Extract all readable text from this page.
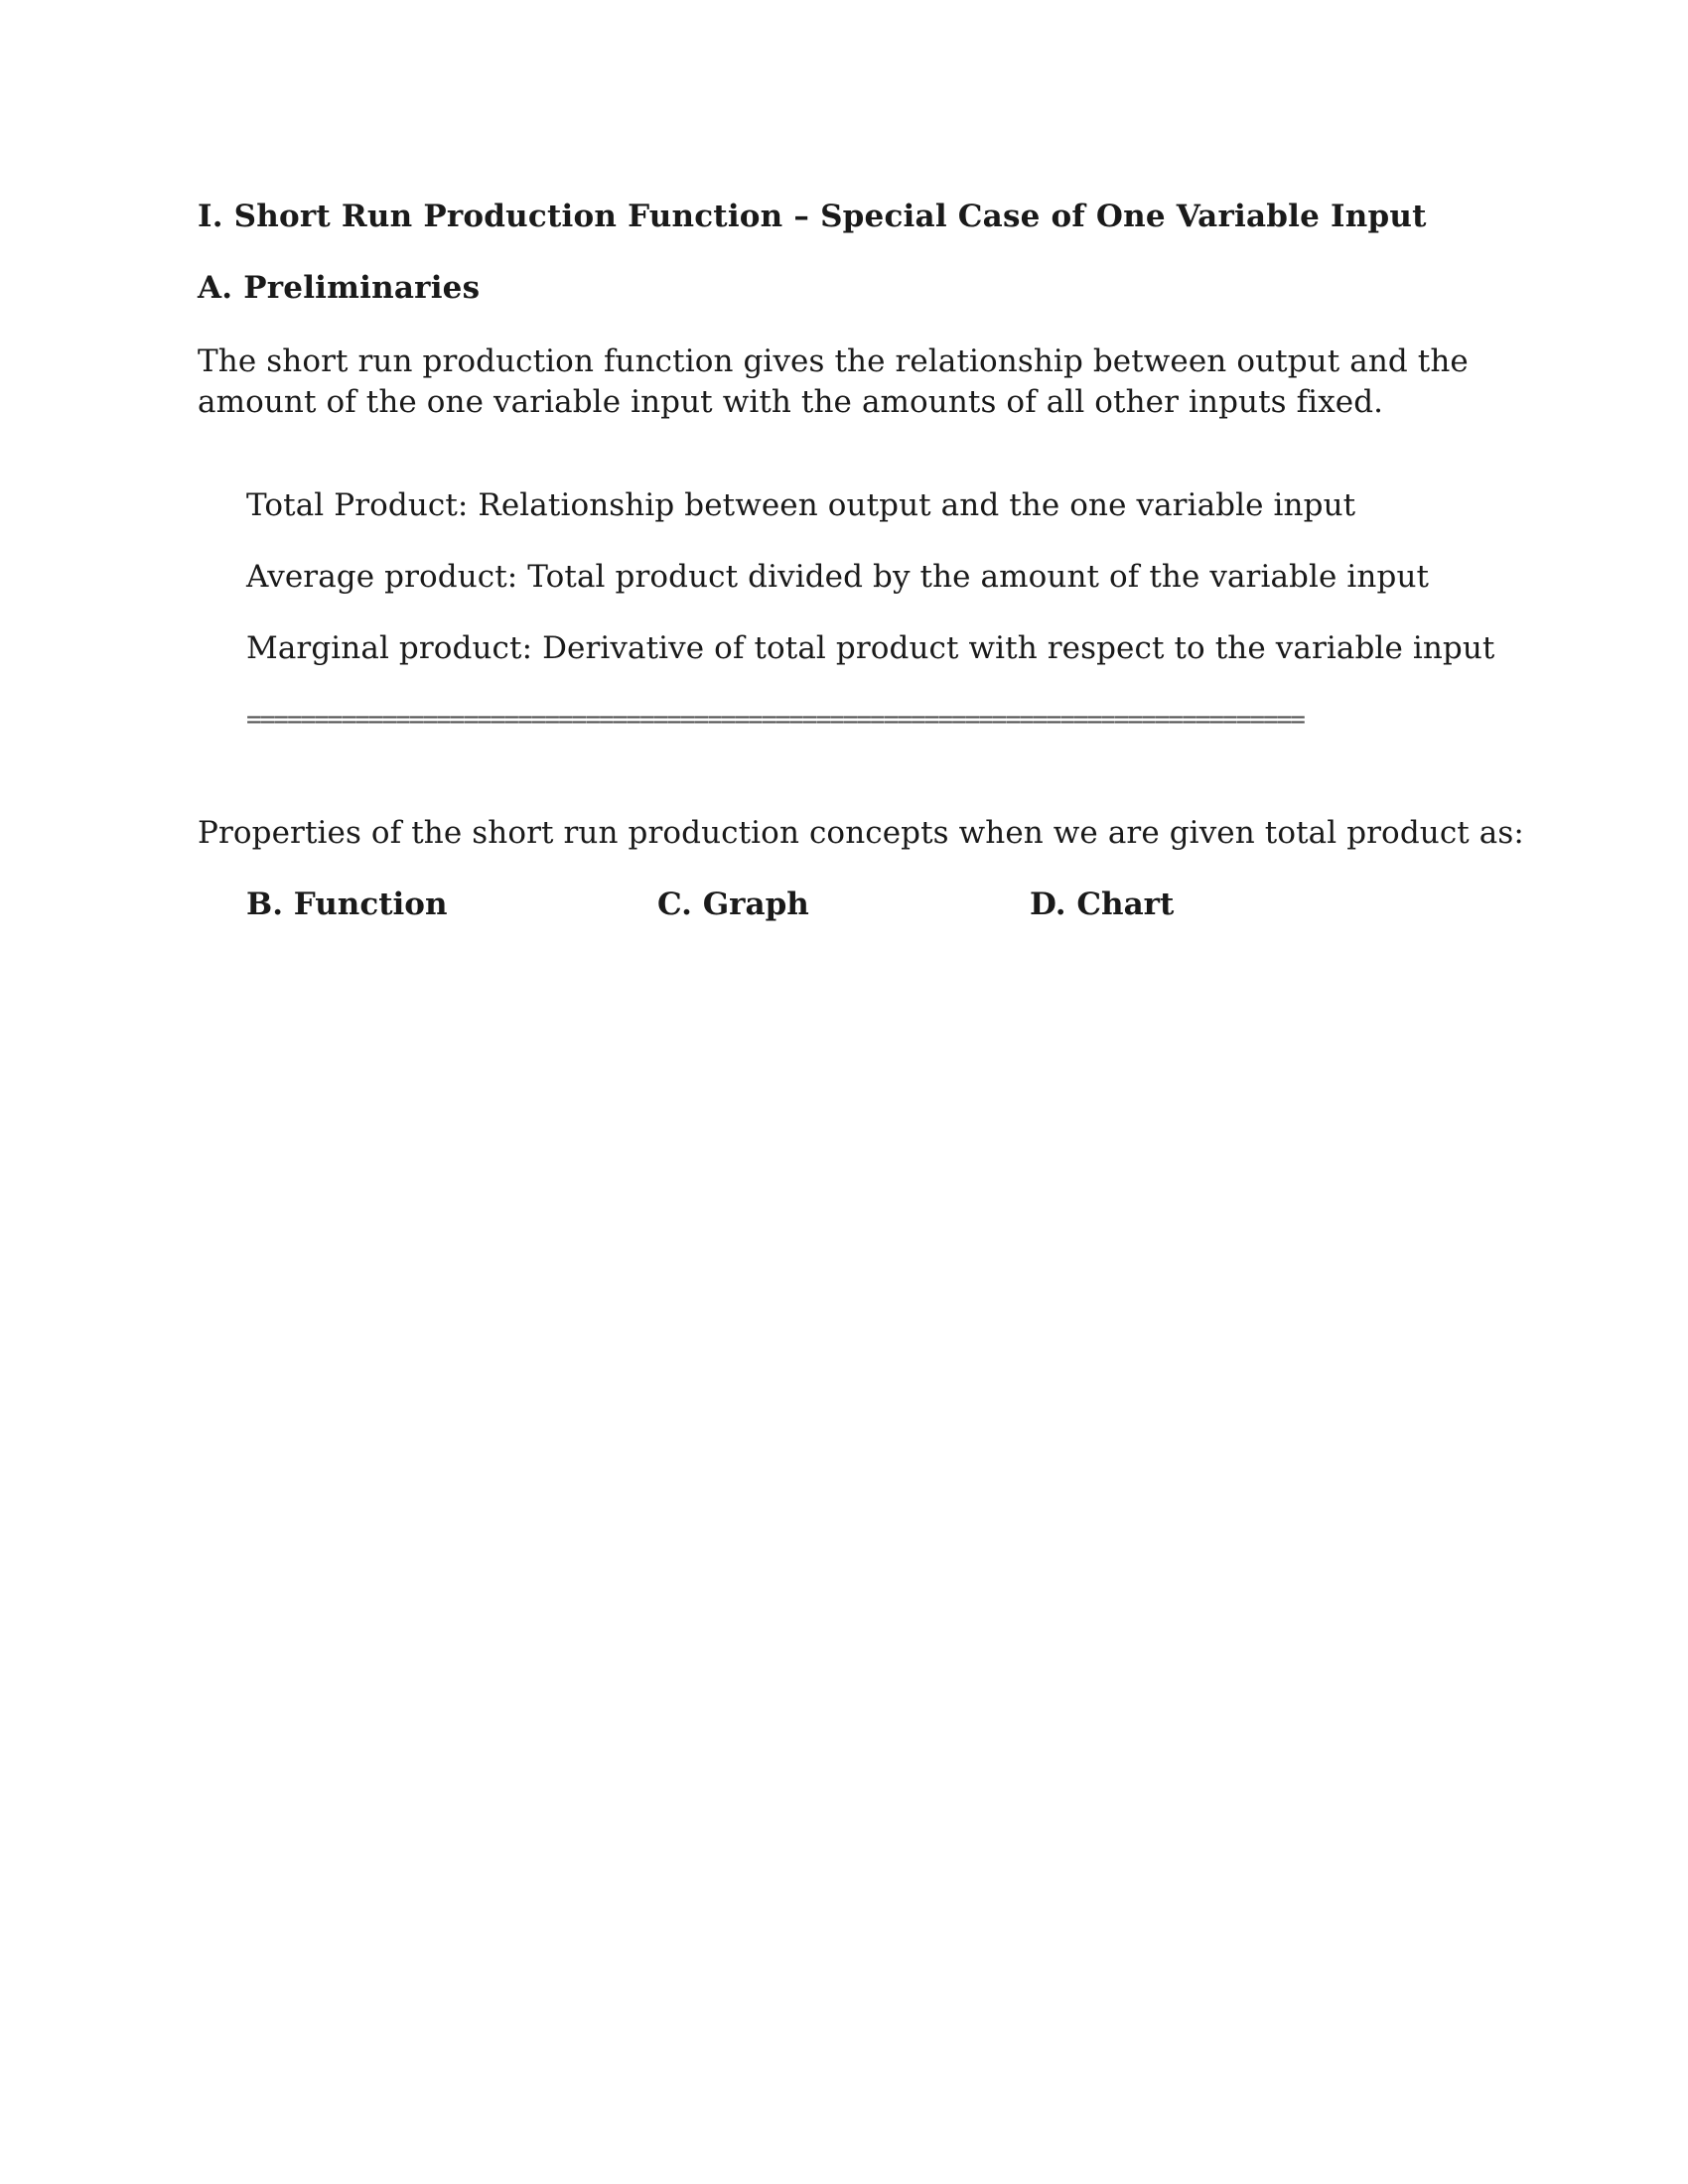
I. Short Run Production Function – Special Case of One Variable Input
A. Preliminaries
The short run production function gives the relationship between output and the amount of the one variable input with the amounts of all other inputs fixed.
Total Product: Relationship between output and the one variable input
Average product: Total product divided by the amount of the variable input
Marginal product: Derivative of total product with respect to the variable input
==============================================================================
Properties of the short run production concepts when we are given total product as:
B. Function	C. Graph	D. Chart
